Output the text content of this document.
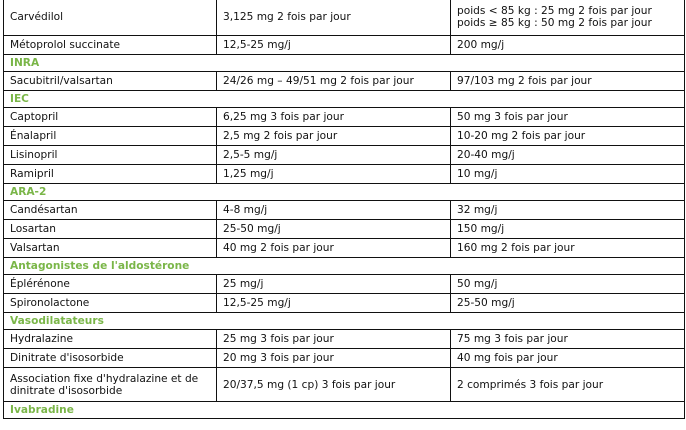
Carvédilol	3,125 mg 2 fois par jour	poids < 85 kg : 25 mg 2 fois par jour
poids ≥ 85 kg : 50 mg 2 fois par jour

Métoprolol succinate	12,5-25 mg/j	200 mg/j
INRA		
Sacubitril/valsartan	24/26 mg – 49/51 mg 2 fois par jour	97/103 mg 2 fois par jour
IEC		
Captopril	6,25 mg 3 fois par jour	50 mg 3 fois par jour
Énalapril	2,5 mg 2 fois par jour	10-20 mg 2 fois par jour
Lisinopril	2,5-5 mg/j	20-40 mg/j
Ramipril	1,25 mg/j	10 mg/j
ARA-2		
Candésartan	4-8 mg/j	32 mg/j
Losartan	25-50 mg/j	150 mg/j
Valsartan	40 mg 2 fois par jour	160 mg 2 fois par jour
Antagonistes de l'aldostérone		
Éplérénone	25 mg/j	50 mg/j
Spironolactone	12,5-25 mg/j	25-50 mg/j
Vasodilatateurs		
Hydralazine	25 mg 3 fois par jour	75 mg 3 fois par jour
Dinitrate d'isosorbide	20 mg 3 fois par jour	40 mg fois par jour

Association fixe d'hydralazine et de
dinitrate d'isosorbide	20/37,5 mg (1 cp) 3 fois par jour	2 comprimés 3 fois par jour
Ivabradine		
